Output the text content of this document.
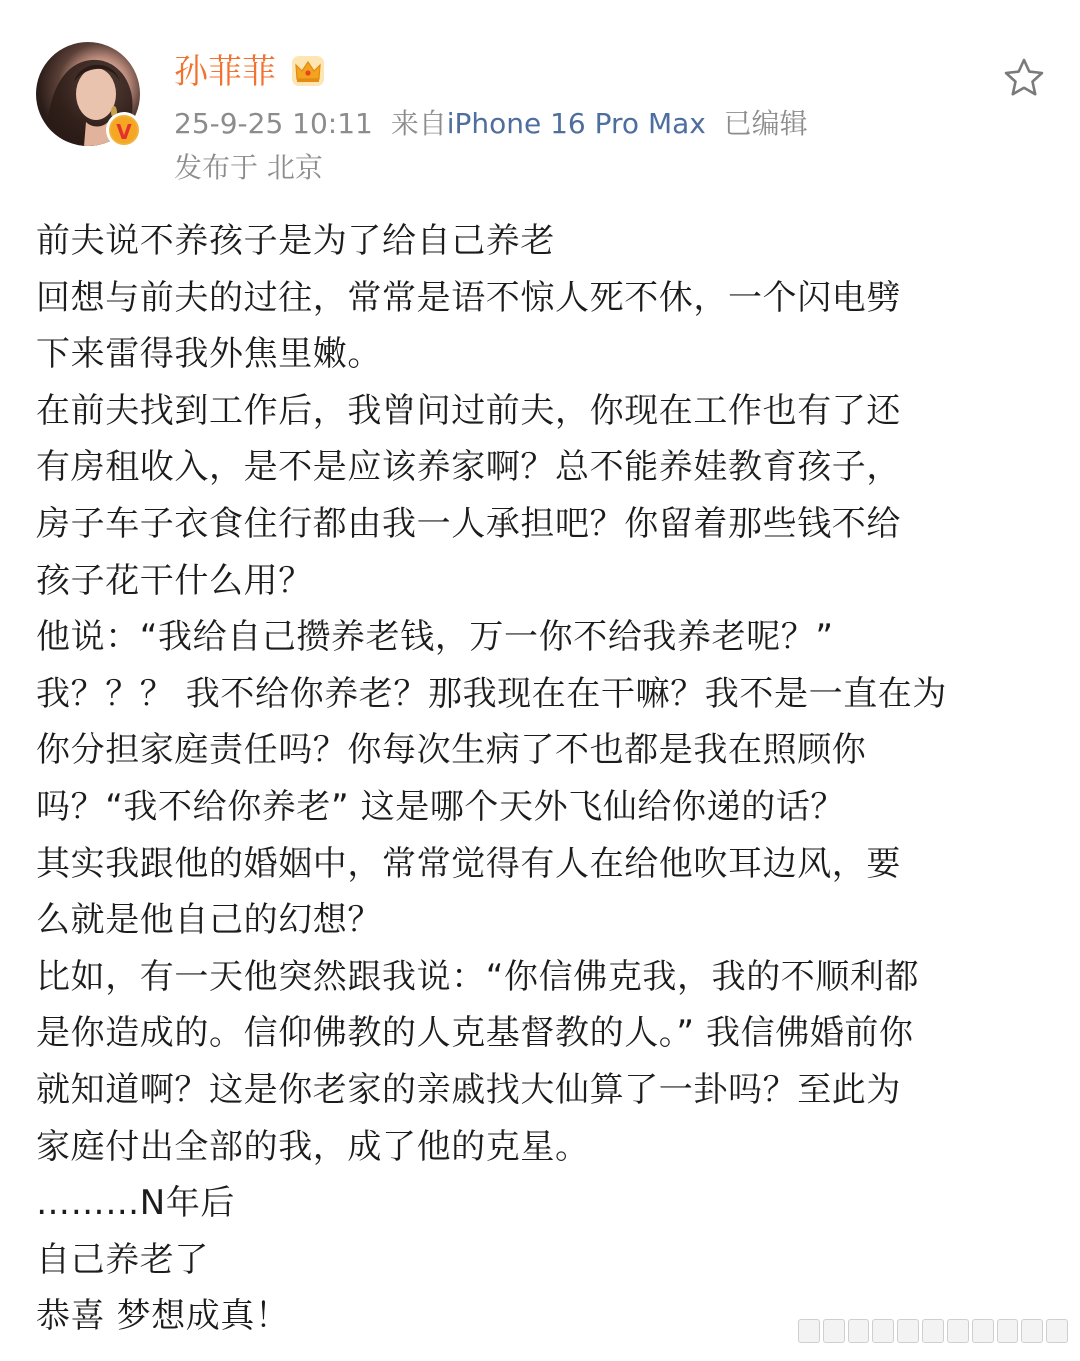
V
孙菲菲
25-9-25 10:11 来自iPhone 16 Pro Max 已编辑
发布于 北京

前夫说不养孩子是为了给自己养老

回想与前夫的过往，常常是语不惊人死不休，一个闪电劈

下来雷得我外焦里嫩。

在前夫找到工作后，我曾问过前夫，你现在工作也有了还

有房租收入，是不是应该养家啊？总不能养娃教育孩子，

房子车子衣食住行都由我一人承担吧？你留着那些钱不给

孩子花干什么用？

他说：“我给自己攒养老钱，万一你不给我养老呢？”

我？？？ 我不给你养老？那我现在在干嘛？我不是一直在为

你分担家庭责任吗？你每次生病了不也都是我在照顾你

吗？“我不给你养老” 这是哪个天外飞仙给你递的话？

其实我跟他的婚姻中，常常觉得有人在给他吹耳边风，要

么就是他自己的幻想？

比如，有一天他突然跟我说：“你信佛克我，我的不顺利都

是你造成的。信仰佛教的人克基督教的人。” 我信佛婚前你

就知道啊？这是你老家的亲戚找大仙算了一卦吗？至此为

家庭付出全部的我，成了他的克星。

………N年后

自己养老了

恭喜 梦想成真！
